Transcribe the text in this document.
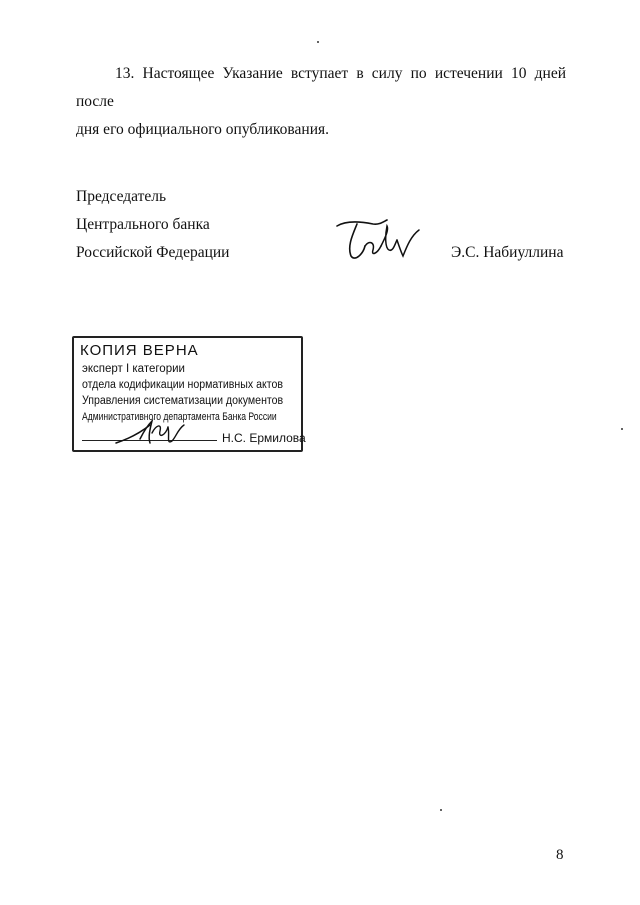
13. Настоящее Указание вступает в силу по истечении 10 дней после
дня его официального опубликования.
Председатель
Центрального банка
Российской Федерации	Э.С. Набиуллина
КОПИЯ ВЕРНА
эксперт I категории
отдела кодификации нормативных актов
Управления систематизации документов
Административного департамента Банка России
Н.С. Ермилова
8
